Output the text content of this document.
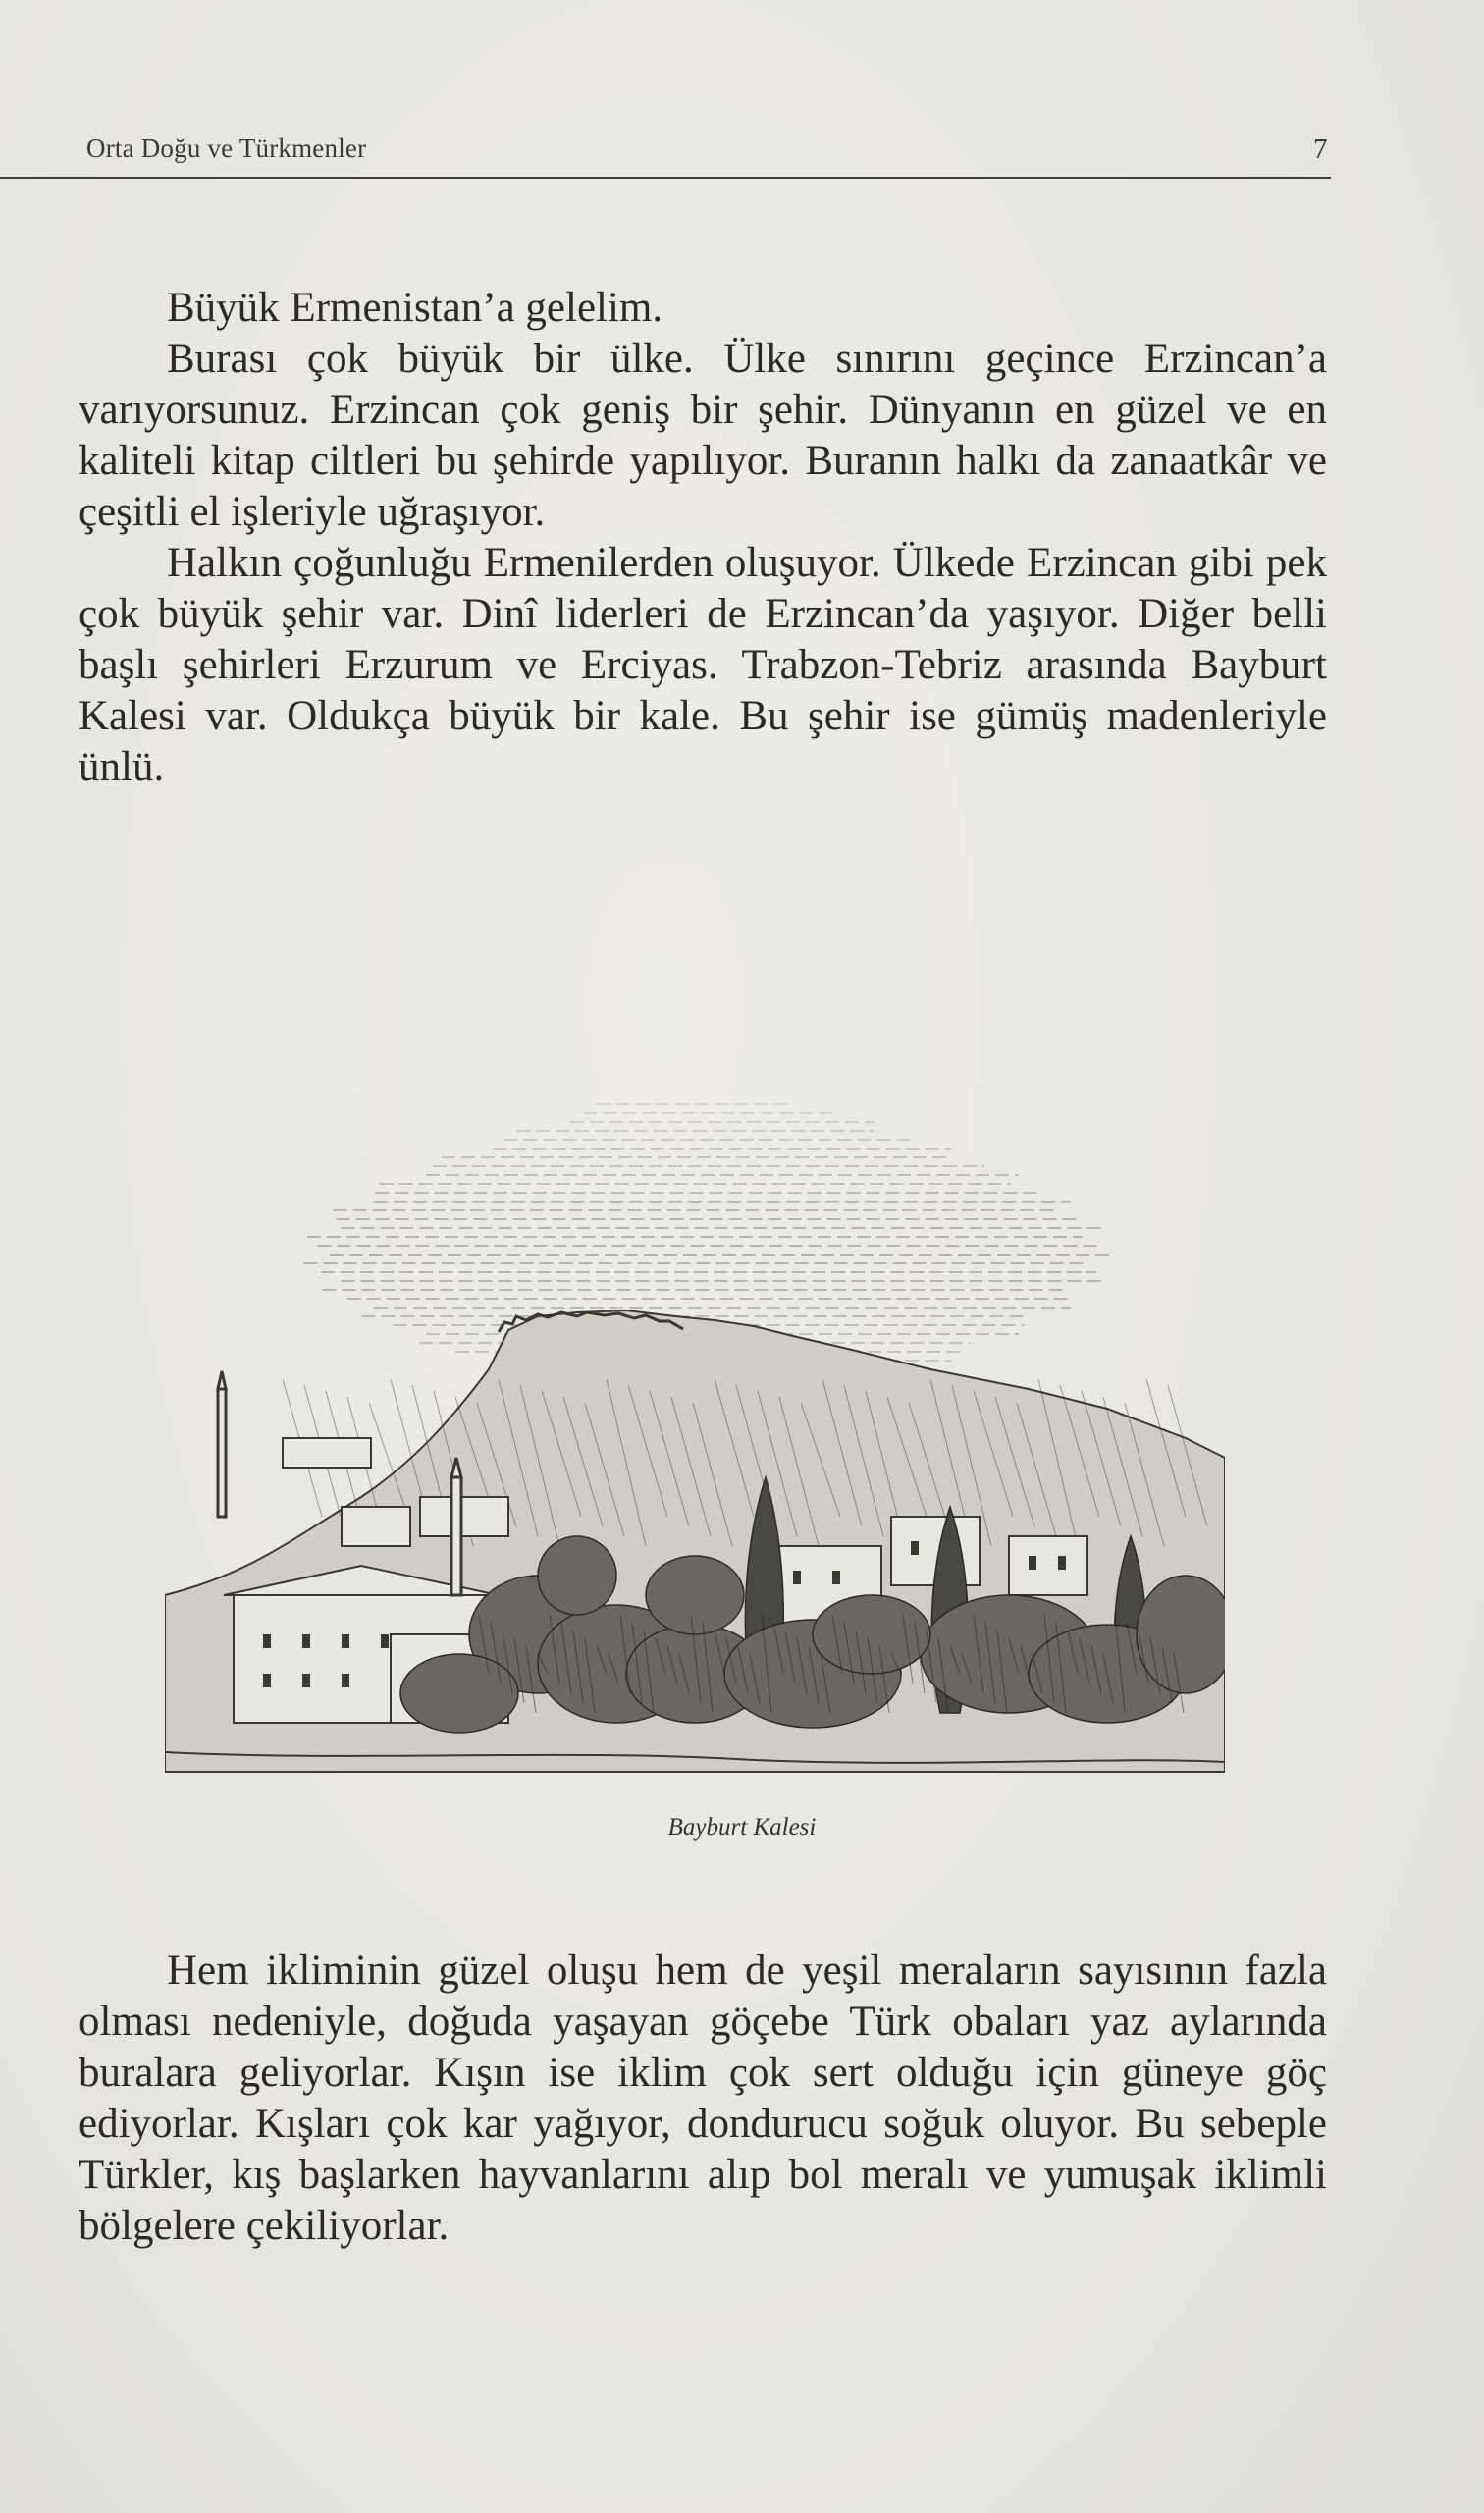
Orta Doğu ve Türkmenler	7

Büyük Ermenistan’a gelelim.

Burası çok büyük bir ülke. Ülke sınırını geçince Erzincan’a varıyorsunuz. Erzincan çok geniş bir şehir. Dünyanın en güzel ve en kaliteli kitap ciltleri bu şehirde yapılıyor. Buranın halkı da zanaatkâr ve çeşitli el işleriyle uğraşıyor.

Halkın çoğunluğu Ermenilerden oluşuyor. Ülkede Erzincan gibi pek çok büyük şehir var. Dinî liderleri de Erzincan’da yaşıyor. Diğer belli başlı şehirleri Erzurum ve Erciyas. Trabzon-Tebriz arasında Bayburt Kalesi var. Oldukça büyük bir kale. Bu şehir ise gümüş madenleriyle ünlü.

Bayburt Kalesi

Hem ikliminin güzel oluşu hem de yeşil meraların sayısının fazla olması nedeniyle, doğuda yaşayan göçebe Türk obaları yaz aylarında buralara geliyorlar. Kışın ise iklim çok sert olduğu için güneye göç ediyorlar. Kışları çok kar yağıyor, dondurucu soğuk oluyor. Bu sebeple Türkler, kış başlarken hayvanlarını alıp bol meralı ve yumuşak iklimli bölgelere çekiliyorlar.
